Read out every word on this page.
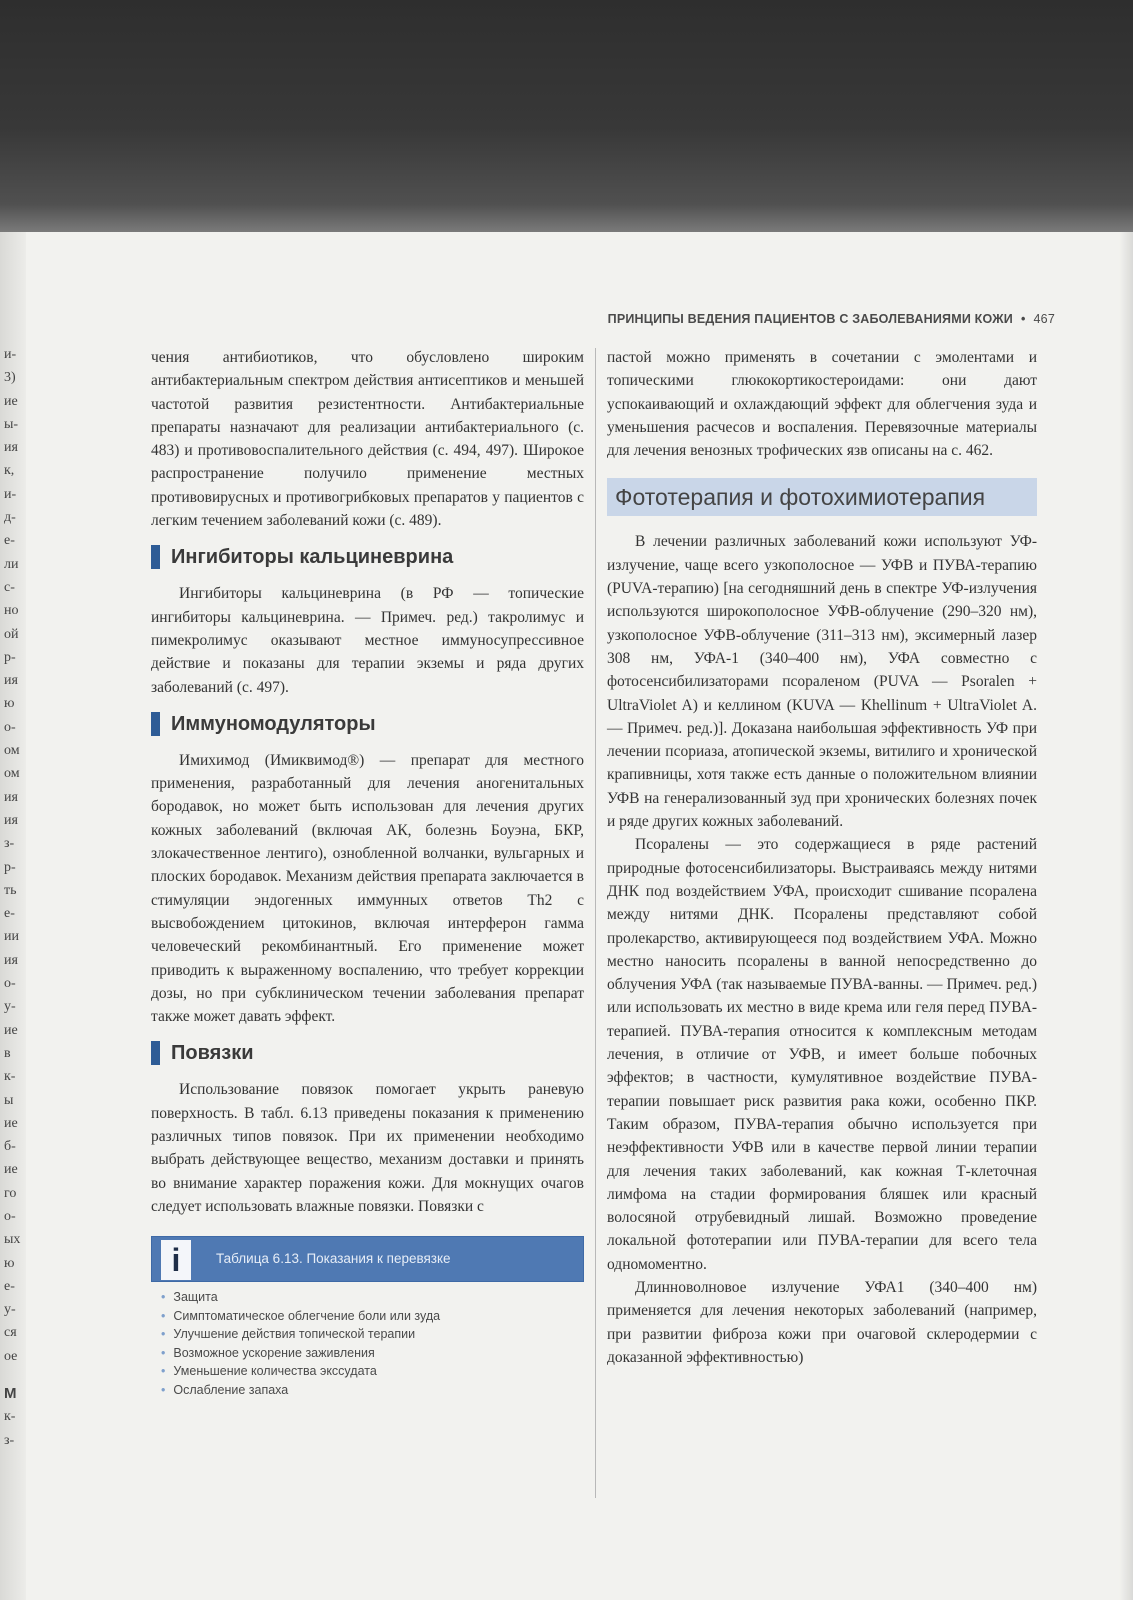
и-
3)
ие
ы-
ия
к,
и-
д-
е-
ли
с-
но
ой
р-
ия
ю
о-
ом
ом
ия
ия
з-
р-
ть
е-
ии
ия
о-
у-
ие
в
к-
ы
ие
б-
ие
го
о-
ых
ю
е-
у-
ся
ое
М
к-
з-
ПРИНЦИПЫ ВЕДЕНИЯ ПАЦИЕНТОВ С ЗАБОЛЕВАНИЯМИ КОЖИ • 467

чения антибиотиков, что обусловлено широким антибактериальным спектром действия антисептиков и меньшей частотой развития резистентности. Антибактериальные препараты назначают для реализации антибактериального (с. 483) и противовоспалительного действия (с. 494, 497). Широкое распространение получило применение местных противовирусных и противогрибковых препаратов у пациентов с легким течением заболеваний кожи (с. 489).

Ингибиторы кальциневрина

Ингибиторы кальциневрина (в РФ — топические ингибиторы кальциневрина. — Примеч. ред.) такролимус и пимекролимус оказывают местное иммуносупрессивное действие и показаны для терапии экземы и ряда других заболеваний (с. 497).

Иммуномодуляторы

Имихимод (Имиквимод®) — препарат для местного применения, разработанный для лечения аногенитальных бородавок, но может быть использован для лечения других кожных заболеваний (включая АК, болезнь Боуэна, БКР, злокачественное лентиго), ознобленной волчанки, вульгарных и плоских бородавок. Механизм действия препарата заключается в стимуляции эндогенных иммунных ответов Th2 с высвобождением цитокинов, включая интерферон гамма человеческий рекомбинантный. Его применение может приводить к выраженному воспалению, что требует коррекции дозы, но при субклиническом течении заболевания препарат также может давать эффект.

Повязки

Использование повязок помогает укрыть раневую поверхность. В табл. 6.13 приведены показания к применению различных типов повязок. При их применении необходимо выбрать действующее вещество, механизм доставки и принять во внимание характер поражения кожи. Для мокнущих очагов следует использовать влажные повязки. Повязки с

i	Таблица 6.13. Показания к перевязке
• Защита
• Симптоматическое облегчение боли или зуда
• Улучшение действия топической терапии
• Возможное ускорение заживления
• Уменьшение количества экссудата
• Ослабление запаха

пастой можно применять в сочетании с эмолентами и топическими глюкокортикостероидами: они дают успокаивающий и охлаждающий эффект для облегчения зуда и уменьшения расчесов и воспаления. Перевязочные материалы для лечения венозных трофических язв описаны на с. 462.

Фототерапия и фотохимиотерапия

В лечении различных заболеваний кожи используют УФ-излучение, чаще всего узкополосное — УФВ и ПУВА-терапию (PUVA-терапию) [на сегодняшний день в спектре УФ-излучения используются широкополосное УФВ-облучение (290–320 нм), узкополосное УФВ-облучение (311–313 нм), эксимерный лазер 308 нм, УФА-1 (340–400 нм), УФА совместно с фотосенсибилизаторами псораленом (PUVA — Psoralen + UltraViolet A) и келлином (KUVA — Khellinum + UltraViolet A. — Примеч. ред.)]. Доказана наибольшая эффективность УФ при лечении псориаза, атопической экземы, витилиго и хронической крапивницы, хотя также есть данные о положительном влиянии УФВ на генерализованный зуд при хронических болезнях почек и ряде других кожных заболеваний.

Псоралены — это содержащиеся в ряде растений природные фотосенсибилизаторы. Выстраиваясь между нитями ДНК под воздействием УФА, происходит сшивание псоралена между нитями ДНК. Псоралены представляют собой пролекарство, активирующееся под воздействием УФА. Можно местно наносить псоралены в ванной непосредственно до облучения УФА (так называемые ПУВА-ванны. — Примеч. ред.) или использовать их местно в виде крема или геля перед ПУВА-терапией. ПУВА-терапия относится к комплексным методам лечения, в отличие от УФВ, и имеет больше побочных эффектов; в частности, кумулятивное воздействие ПУВА-терапии повышает риск развития рака кожи, особенно ПКР. Таким образом, ПУВА-терапия обычно используется при неэффективности УФВ или в качестве первой линии терапии для лечения таких заболеваний, как кожная Т-клеточная лимфома на стадии формирования бляшек или красный волосяной отрубевидный лишай. Возможно проведение локальной фототерапии или ПУВА-терапии для всего тела одномоментно.

Длинноволновое излучение УФА1 (340–400 нм) применяется для лечения некоторых заболеваний (например, при развитии фиброза кожи при очаговой склеродермии с доказанной эффективностью)
